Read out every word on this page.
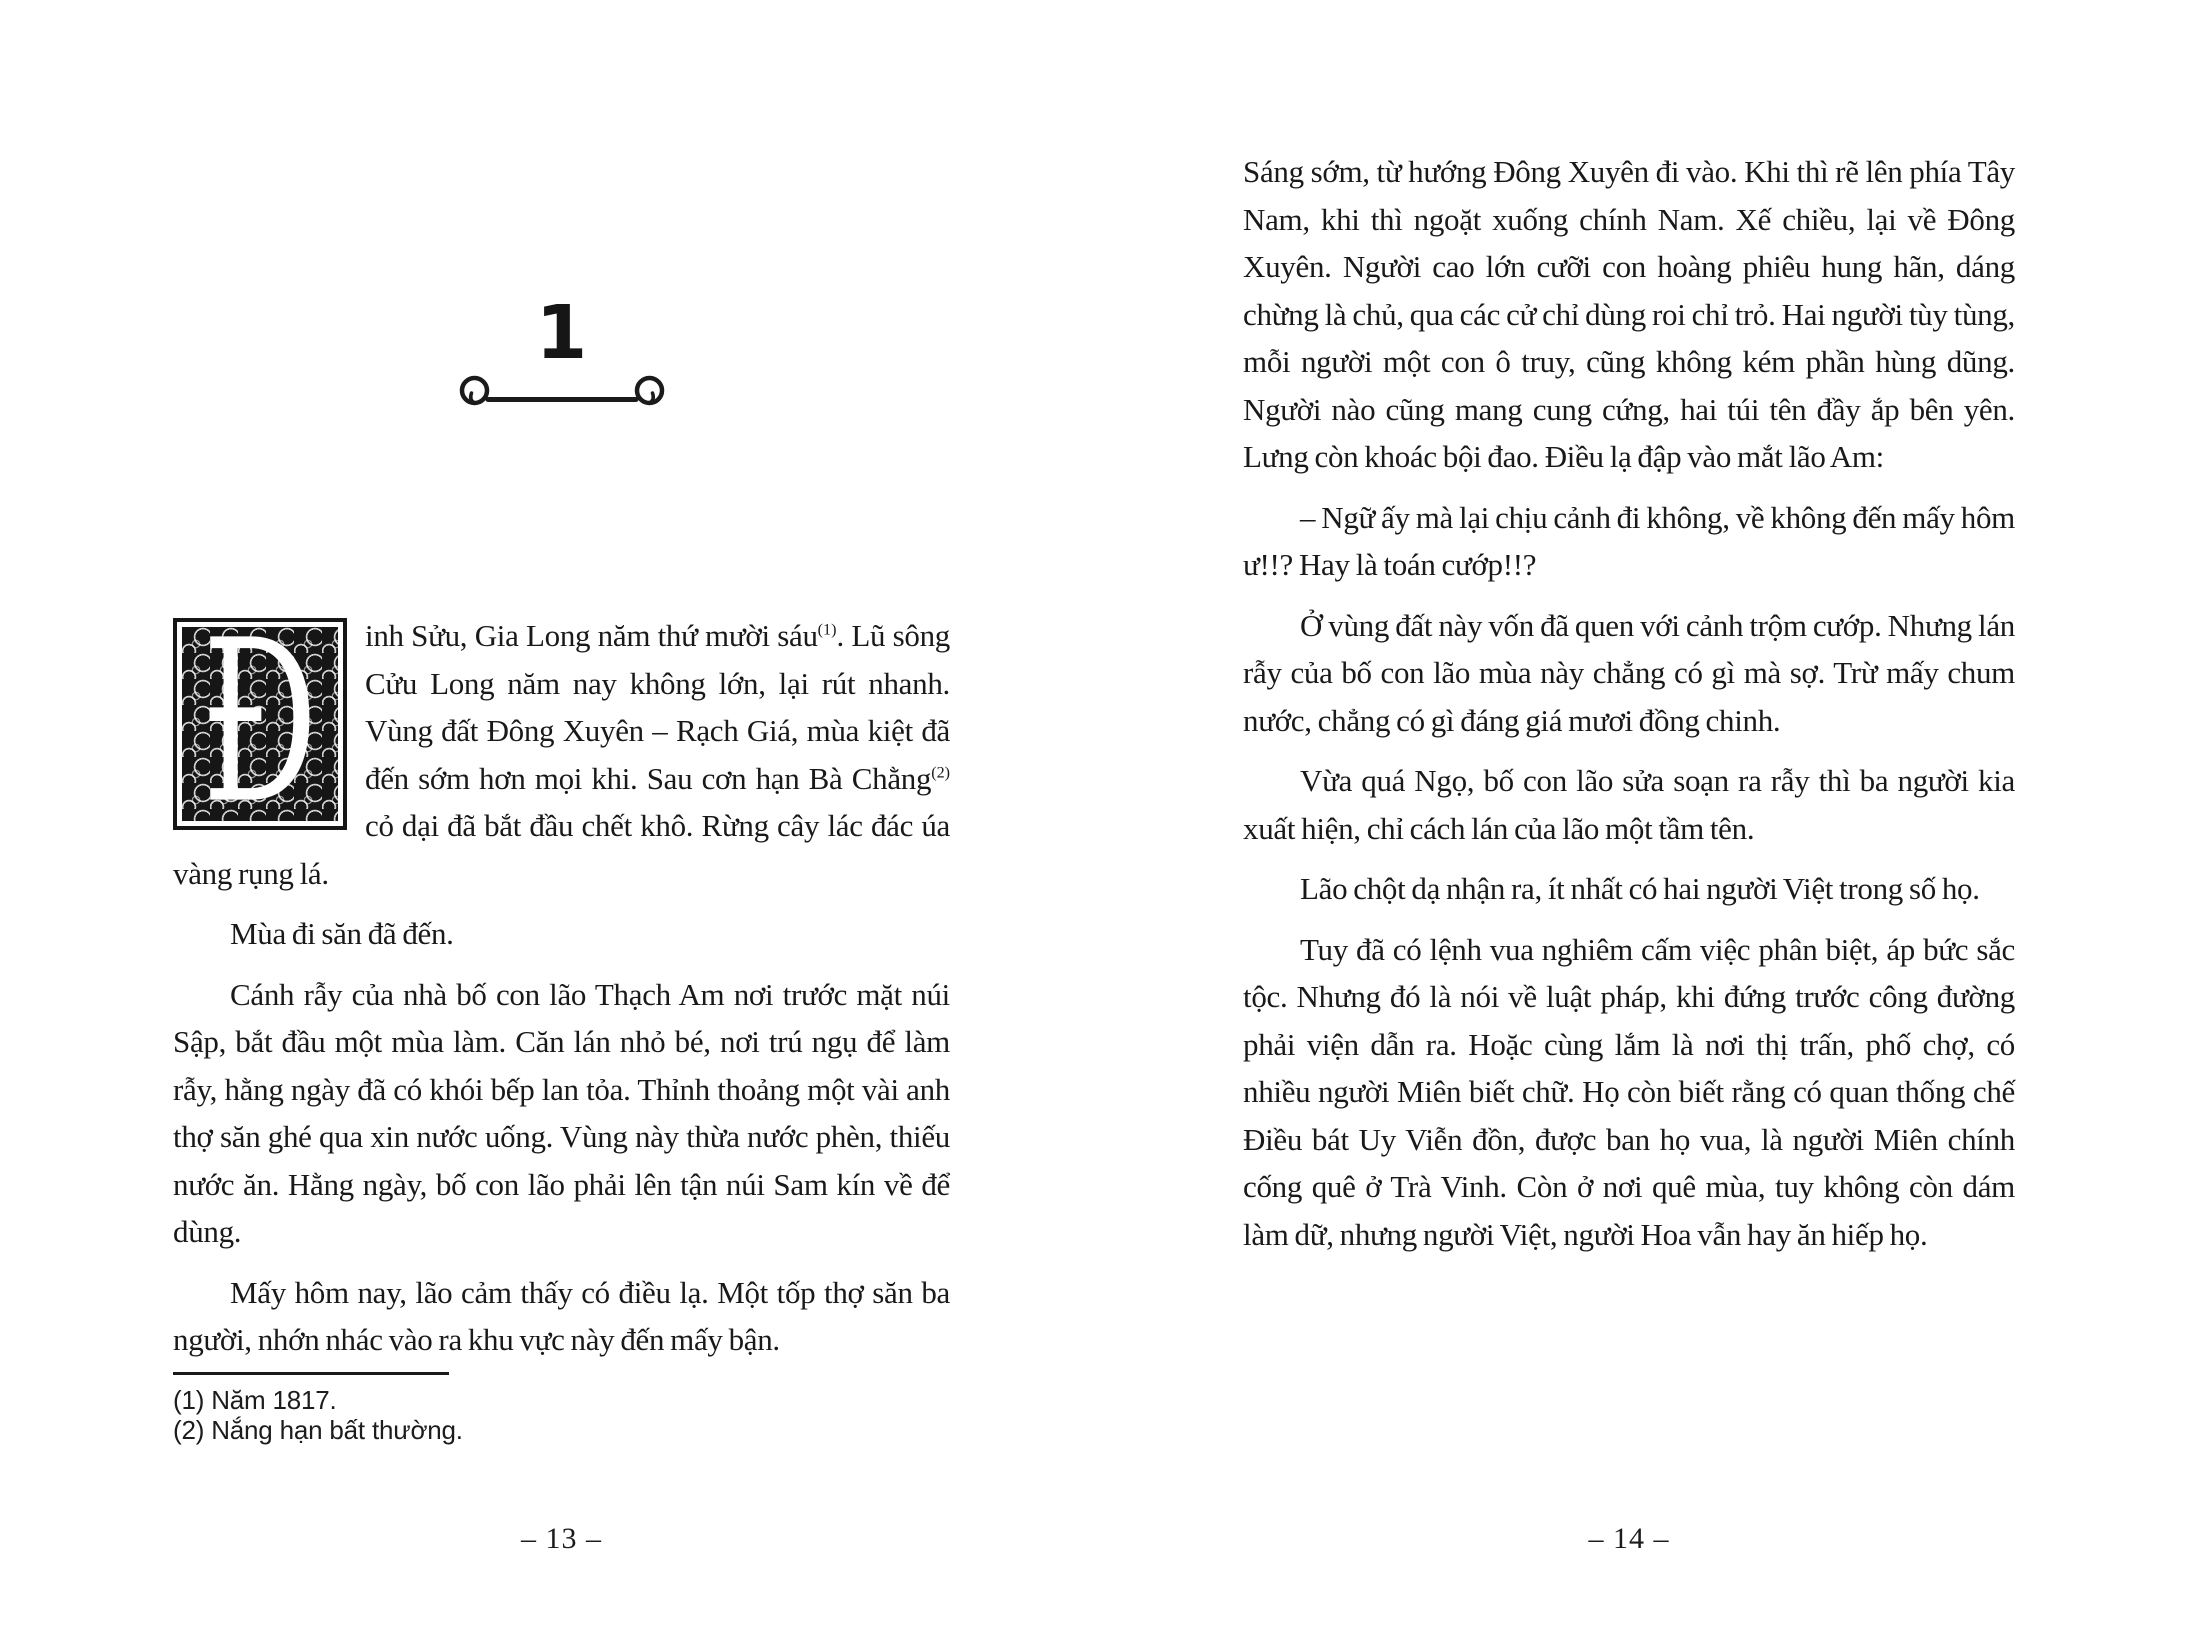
1

Đ inh Sửu, Gia Long năm thứ mười sáu$^{(1)}$. Lũ sông Cửu Long năm nay không lớn, lại rút nhanh. Vùng đất Đông Xuyên – Rạch Giá, mùa kiệt đã đến sớm hơn mọi khi. Sau cơn hạn Bà Chằng$^{(2)}$ cỏ dại đã bắt đầu chết khô. Rừng cây lác đác úa vàng rụng lá.

Mùa đi săn đã đến.

Cánh rẫy của nhà bố con lão Thạch Am nơi trước mặt núi Sập, bắt đầu một mùa làm. Căn lán nhỏ bé, nơi trú ngụ để làm rẫy, hằng ngày đã có khói bếp lan tỏa. Thỉnh thoảng một vài anh thợ săn ghé qua xin nước uống. Vùng này thừa nước phèn, thiếu nước ăn. Hằng ngày, bố con lão phải lên tận núi Sam kín về để dùng.

Mấy hôm nay, lão cảm thấy có điều lạ. Một tốp thợ săn ba người, nhớn nhác vào ra khu vực này đến mấy bận.

(1) Năm 1817.
(2) Nắng hạn bất thường.
– 13 –

Sáng sớm, từ hướng Đông Xuyên đi vào. Khi thì rẽ lên phía Tây Nam, khi thì ngoặt xuống chính Nam. Xế chiều, lại về Đông Xuyên. Người cao lớn cưỡi con hoàng phiêu hung hãn, dáng chừng là chủ, qua các cử chỉ dùng roi chỉ trỏ. Hai người tùy tùng, mỗi người một con ô truy, cũng không kém phần hùng dũng. Người nào cũng mang cung cứng, hai túi tên đầy ắp bên yên. Lưng còn khoác bội đao. Điều lạ đập vào mắt lão Am:

– Ngữ ấy mà lại chịu cảnh đi không, về không đến mấy hôm ư!!? Hay là toán cướp!!?

Ở vùng đất này vốn đã quen với cảnh trộm cướp. Nhưng lán rẫy của bố con lão mùa này chẳng có gì mà sợ. Trừ mấy chum nước, chẳng có gì đáng giá mươi đồng chinh.

Vừa quá Ngọ, bố con lão sửa soạn ra rẫy thì ba người kia xuất hiện, chỉ cách lán của lão một tầm tên.

Lão chột dạ nhận ra, ít nhất có hai người Việt trong số họ.

Tuy đã có lệnh vua nghiêm cấm việc phân biệt, áp bức sắc tộc. Nhưng đó là nói về luật pháp, khi đứng trước công đường phải viện dẫn ra. Hoặc cùng lắm là nơi thị trấn, phố chợ, có nhiều người Miên biết chữ. Họ còn biết rằng có quan thống chế Điều bát Uy Viễn đồn, được ban họ vua, là người Miên chính cống quê ở Trà Vinh. Còn ở nơi quê mùa, tuy không còn dám làm dữ, nhưng người Việt, người Hoa vẫn hay ăn hiếp họ.

– 14 –
